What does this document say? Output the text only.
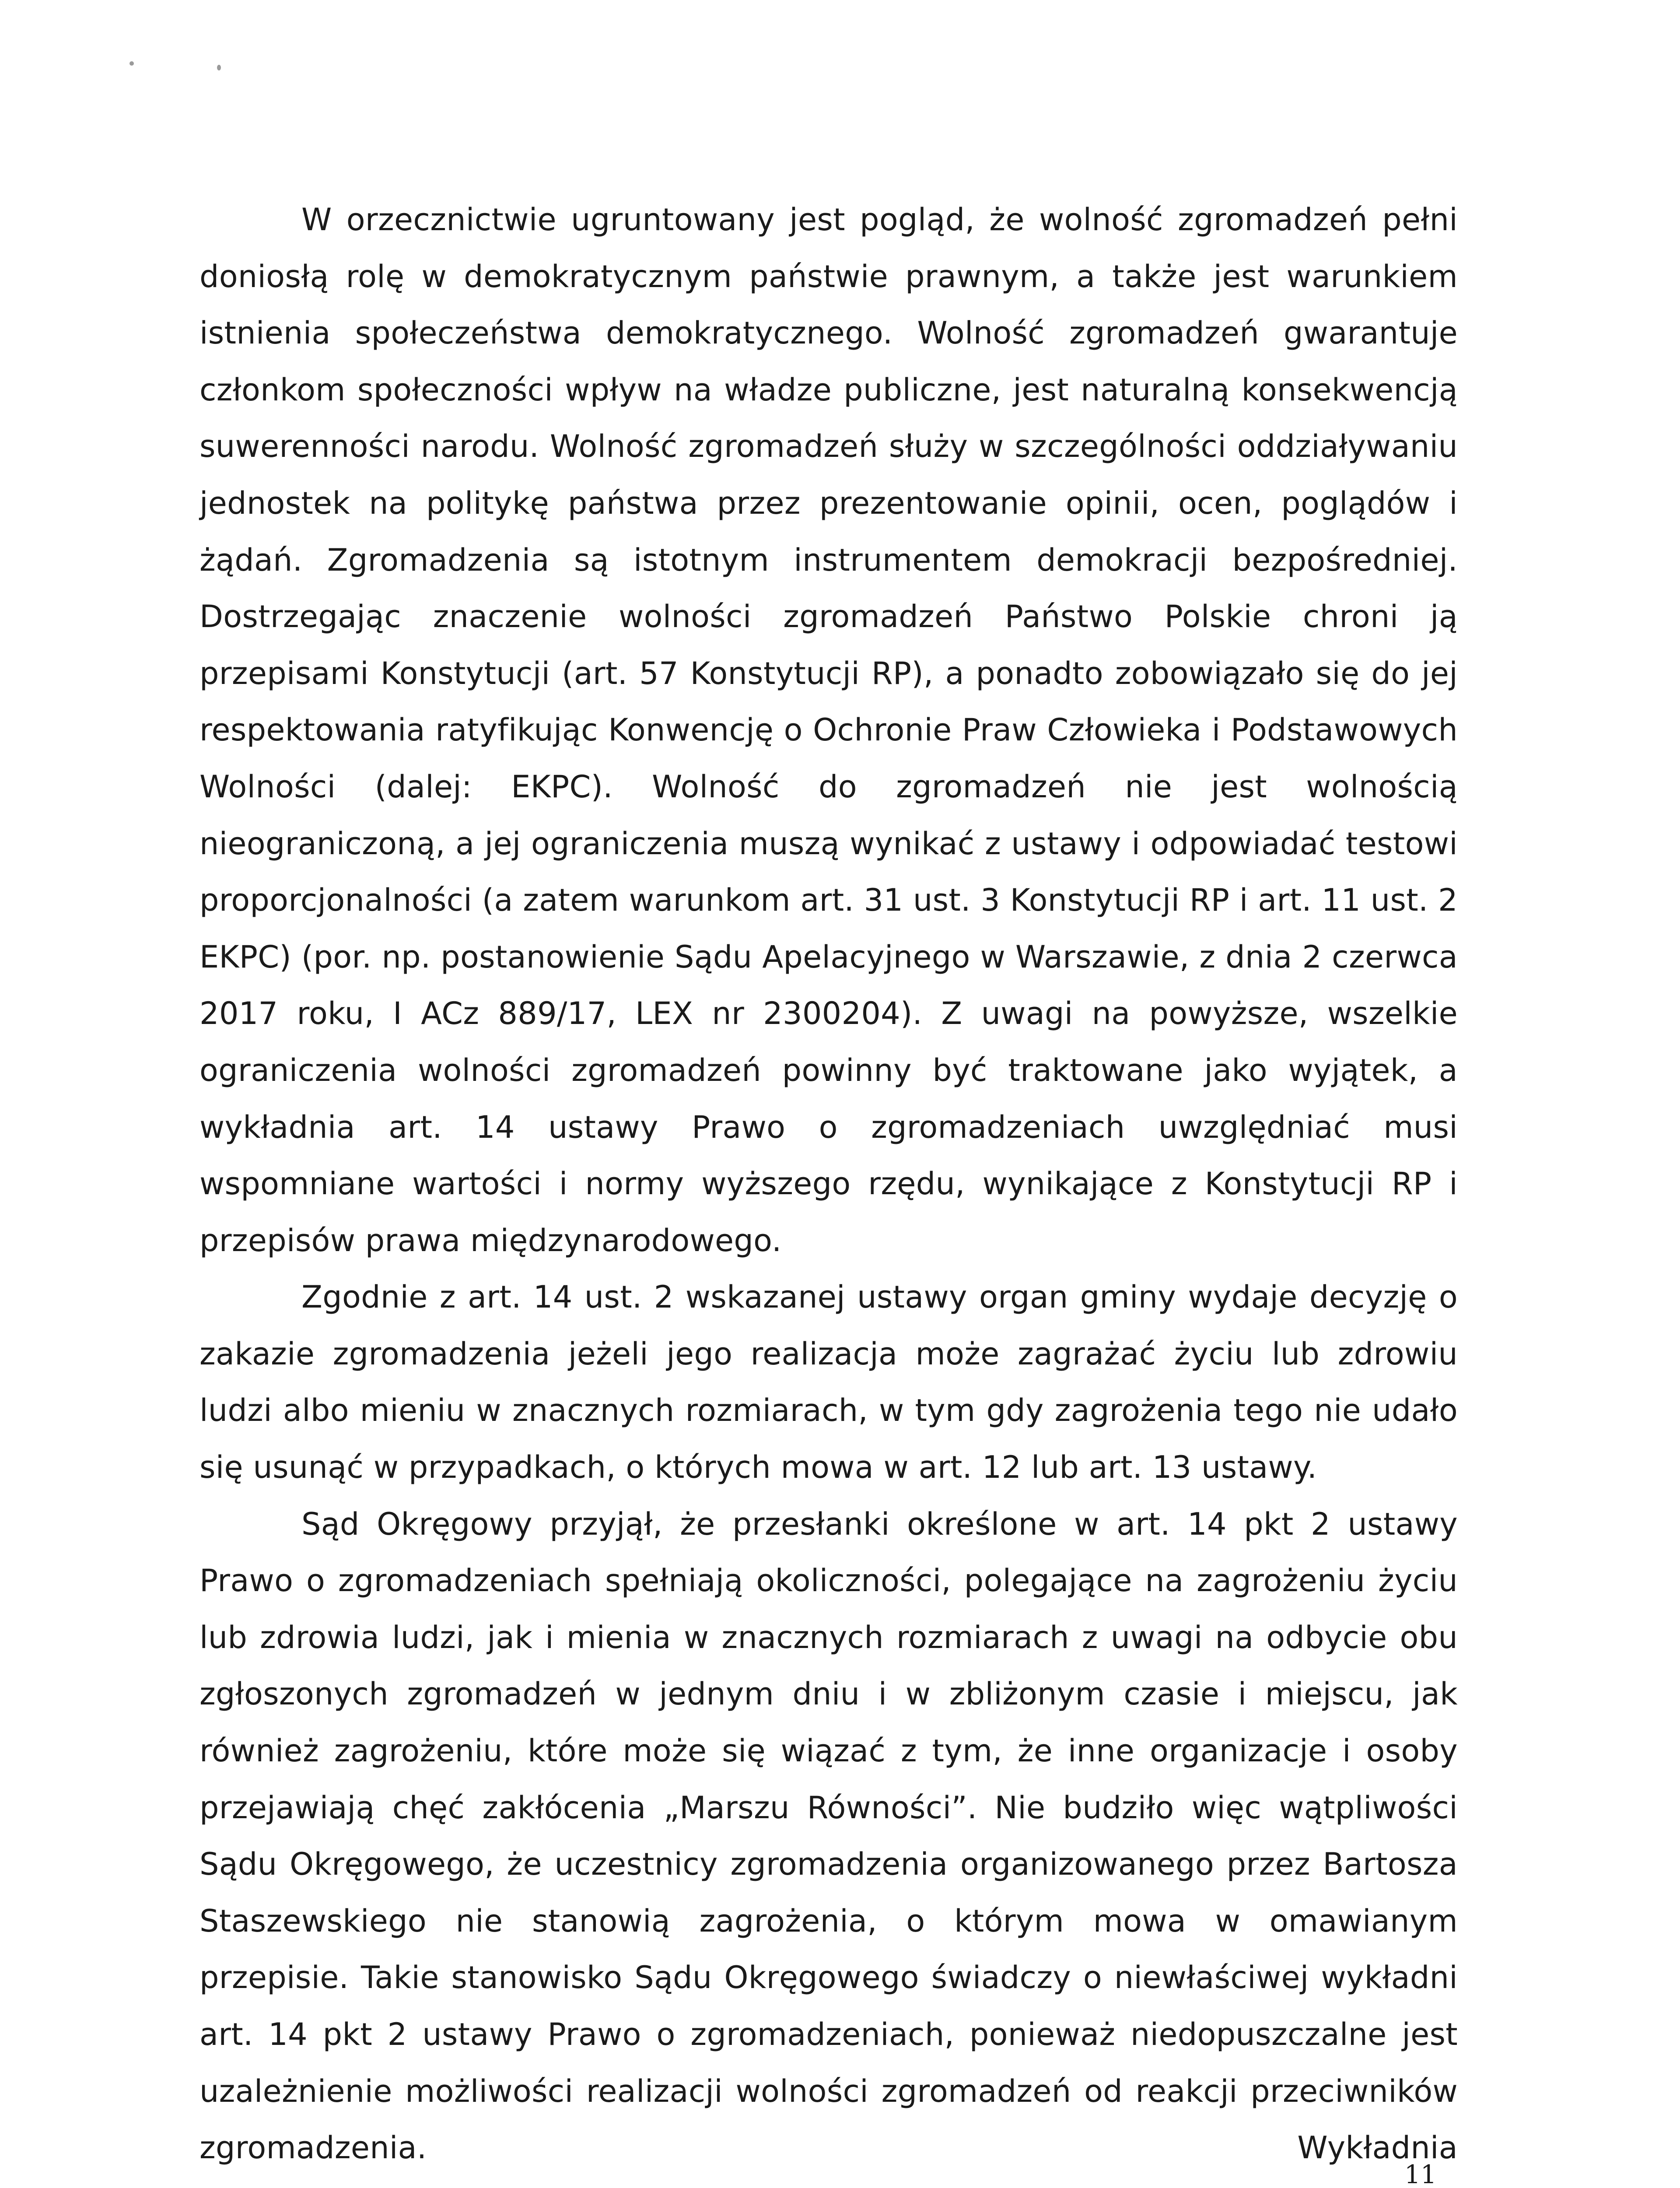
W orzecznictwie ugruntowany jest pogląd, że wolność zgromadzeń pełni doniosłą rolę w demokratycznym państwie prawnym, a także jest warunkiem istnienia społeczeństwa demokratycznego. Wolność zgromadzeń gwarantuje członkom społeczności wpływ na władze publiczne, jest naturalną konsekwencją suwerenności narodu. Wolność zgromadzeń służy w szczególności oddziaływaniu jednostek na politykę państwa przez prezentowanie opinii, ocen, poglądów i żądań. Zgromadzenia są istotnym instrumentem demokracji bezpośredniej. Dostrzegając znaczenie wolności zgromadzeń Państwo Polskie chroni ją przepisami Konstytucji (art. 57 Konstytucji RP), a ponadto zobowiązało się do jej respektowania ratyfikując Konwencję o Ochronie Praw Człowieka i Podstawowych Wolności (dalej: EKPC). Wolność do zgromadzeń nie jest wolnością nieograniczoną, a jej ograniczenia muszą wynikać z ustawy i odpowiadać testowi proporcjonalności (a zatem warunkom art. 31 ust. 3 Konstytucji RP i art. 11 ust. 2 EKPC) (por. np. postanowienie Sądu Apelacyjnego w Warszawie, z dnia 2 czerwca 2017 roku, I ACz 889/17, LEX nr 2300204). Z uwagi na powyższe, wszelkie ograniczenia wolności zgromadzeń powinny być traktowane jako wyjątek, a wykładnia art. 14 ustawy Prawo o zgromadzeniach uwzględniać musi wspomniane wartości i normy wyższego rzędu, wynikające z Konstytucji RP i przepisów prawa międzynarodowego.

Zgodnie z art. 14 ust. 2 wskazanej ustawy organ gminy wydaje decyzję o zakazie zgromadzenia jeżeli jego realizacja może zagrażać życiu lub zdrowiu ludzi albo mieniu w znacznych rozmiarach, w tym gdy zagrożenia tego nie udało się usunąć w przypadkach, o których mowa w art. 12 lub art. 13 ustawy.

Sąd Okręgowy przyjął, że przesłanki określone w art. 14 pkt 2 ustawy Prawo o zgromadzeniach spełniają okoliczności, polegające na zagrożeniu życiu lub zdrowia ludzi, jak i mienia w znacznych rozmiarach z uwagi na odbycie obu zgłoszonych zgromadzeń w jednym dniu i w zbliżonym czasie i miejscu, jak również zagrożeniu, które może się wiązać z tym, że inne organizacje i osoby przejawiają chęć zakłócenia „Marszu Równości”. Nie budziło więc wątpliwości Sądu Okręgowego, że uczestnicy zgromadzenia organizowanego przez Bartosza Staszewskiego nie stanowią zagrożenia, o którym mowa w omawianym przepisie. Takie stanowisko Sądu Okręgowego świadczy o niewłaściwej wykładni art. 14 pkt 2 ustawy Prawo o zgromadzeniach, ponieważ niedopuszczalne jest uzależnienie możliwości realizacji wolności zgromadzeń od reakcji przeciwników zgromadzenia. Wykładnia

11
